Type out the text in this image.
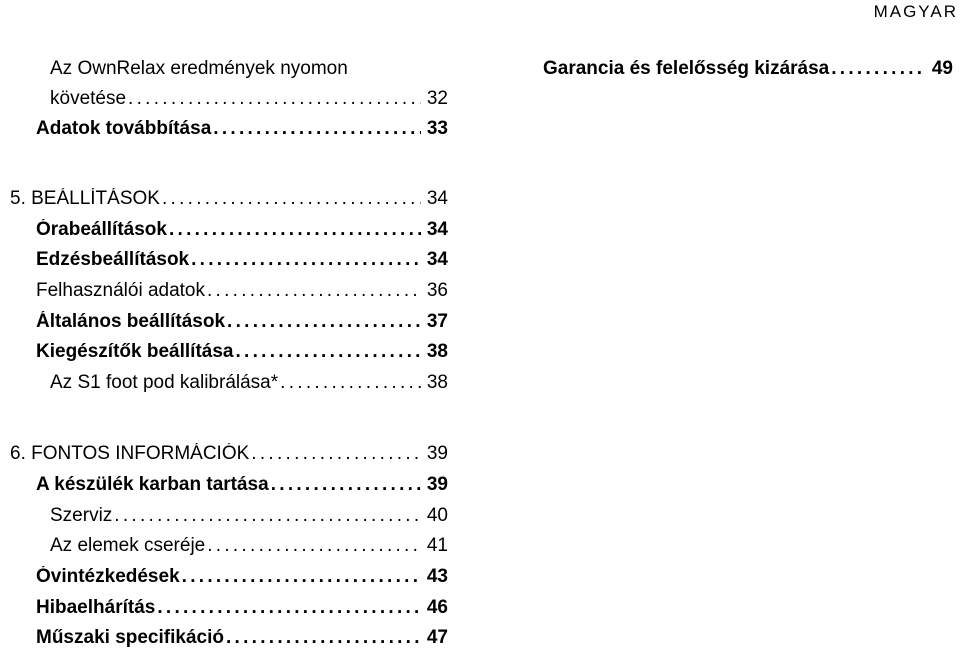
MAGYAR
Az OwnRelax eredmények nyomon
követése . . .	32
Adatok továbbítása . . .	33
5. BEÁLLÍTÁSOK . . .	34
Órabeállítások . . .	34
Edzésbeállítások . . .	34
Felhasználói adatok . . .	36
Általános beállítások . . .	37
Kiegészítők beállítása . . .	38
Az S1 foot pod kalibrálása* . . .	38
6. FONTOS INFORMÁCIÓK . . .	39
A készülék karban tartása . . .	39
Szerviz . . .	40
Az elemek cseréje . . .	41
Óvintézkedések . . .	43
Hibaelhárítás . . .	46
Műszaki specifikáció . . .	47
Garancia és felelősség kizárása . . .	49
